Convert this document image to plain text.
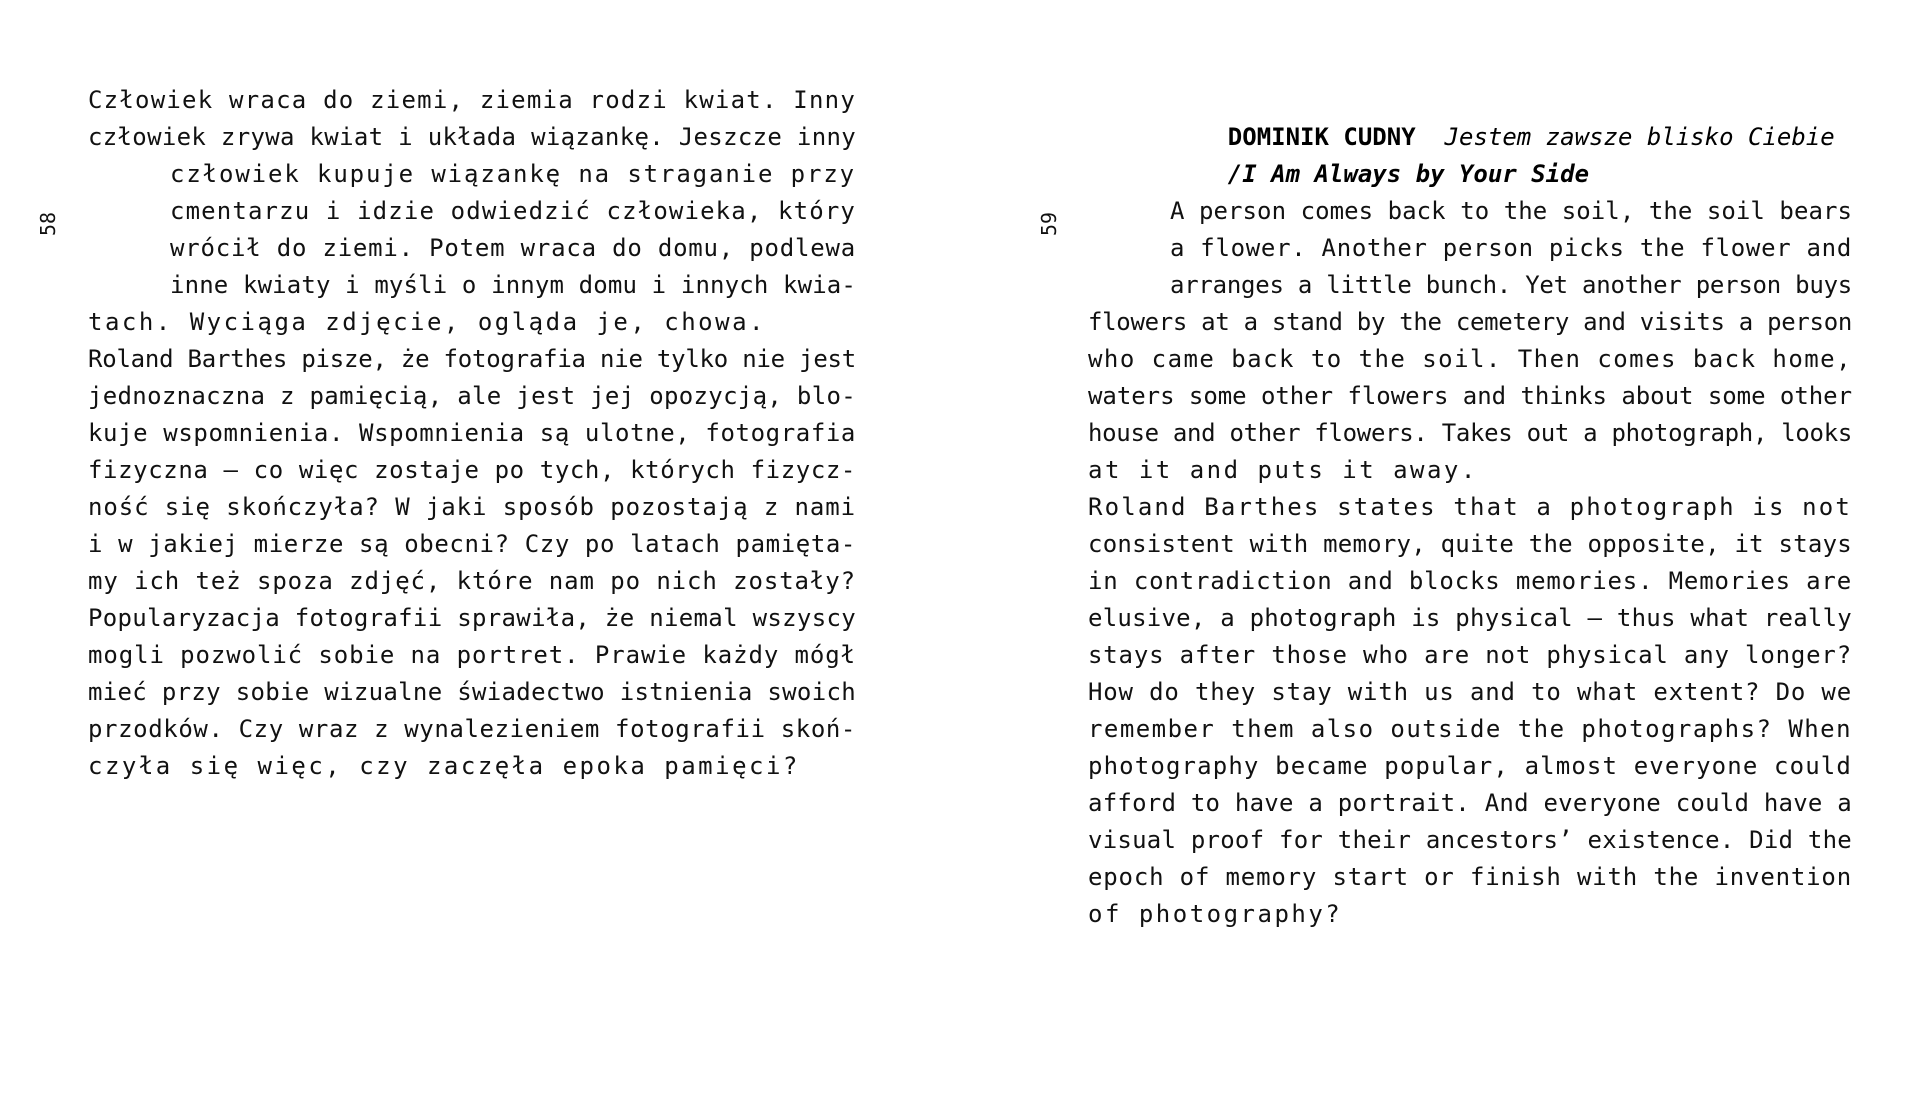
58
Człowiek wraca do ziemi, ziemia rodzi kwiat. Inny
człowiek zrywa kwiat i układa wiązankę. Jeszcze inny
człowiek kupuje wiązankę na straganie przy
cmentarzu i idzie odwiedzić człowieka, który
wrócił do ziemi. Potem wraca do domu, podlewa
inne kwiaty i myśli o innym domu i innych kwia-
tach. Wyciąga zdjęcie, ogląda je, chowa.
Roland Barthes pisze, że fotografia nie tylko nie jest
jednoznaczna z pamięcią, ale jest jej opozycją, blo-
kuje wspomnienia. Wspomnienia są ulotne, fotografia
fizyczna – co więc zostaje po tych, których fizycz-
ność się skończyła? W jaki sposób pozostają z nami
i w jakiej mierze są obecni? Czy po latach pamięta-
my ich też spoza zdjęć, które nam po nich zostały?
Popularyzacja fotografii sprawiła, że niemal wszyscy
mogli pozwolić sobie na portret. Prawie każdy mógł
mieć przy sobie wizualne świadectwo istnienia swoich
przodków. Czy wraz z wynalezieniem fotografii skoń-
czyła się więc, czy zaczęła epoka pamięci?
59

DOMINIK CUDNY Jestem zawsze blisko Ciebie

/I Am Always by Your Side

A person comes back to the soil, the soil bears
a flower. Another person picks the flower and
arranges a little bunch. Yet another person buys
flowers at a stand by the cemetery and visits a person
who came back to the soil. Then comes back home,
waters some other flowers and thinks about some other
house and other flowers. Takes out a photograph, looks
at it and puts it away.
Roland Barthes states that a photograph is not
consistent with memory, quite the opposite, it stays
in contradiction and blocks memories. Memories are
elusive, a photograph is physical – thus what really
stays after those who are not physical any longer?
How do they stay with us and to what extent? Do we
remember them also outside the photographs? When
photography became popular, almost everyone could
afford to have a portrait. And everyone could have a
visual proof for their ancestors’ existence. Did the
epoch of memory start or finish with the invention
of photography?
